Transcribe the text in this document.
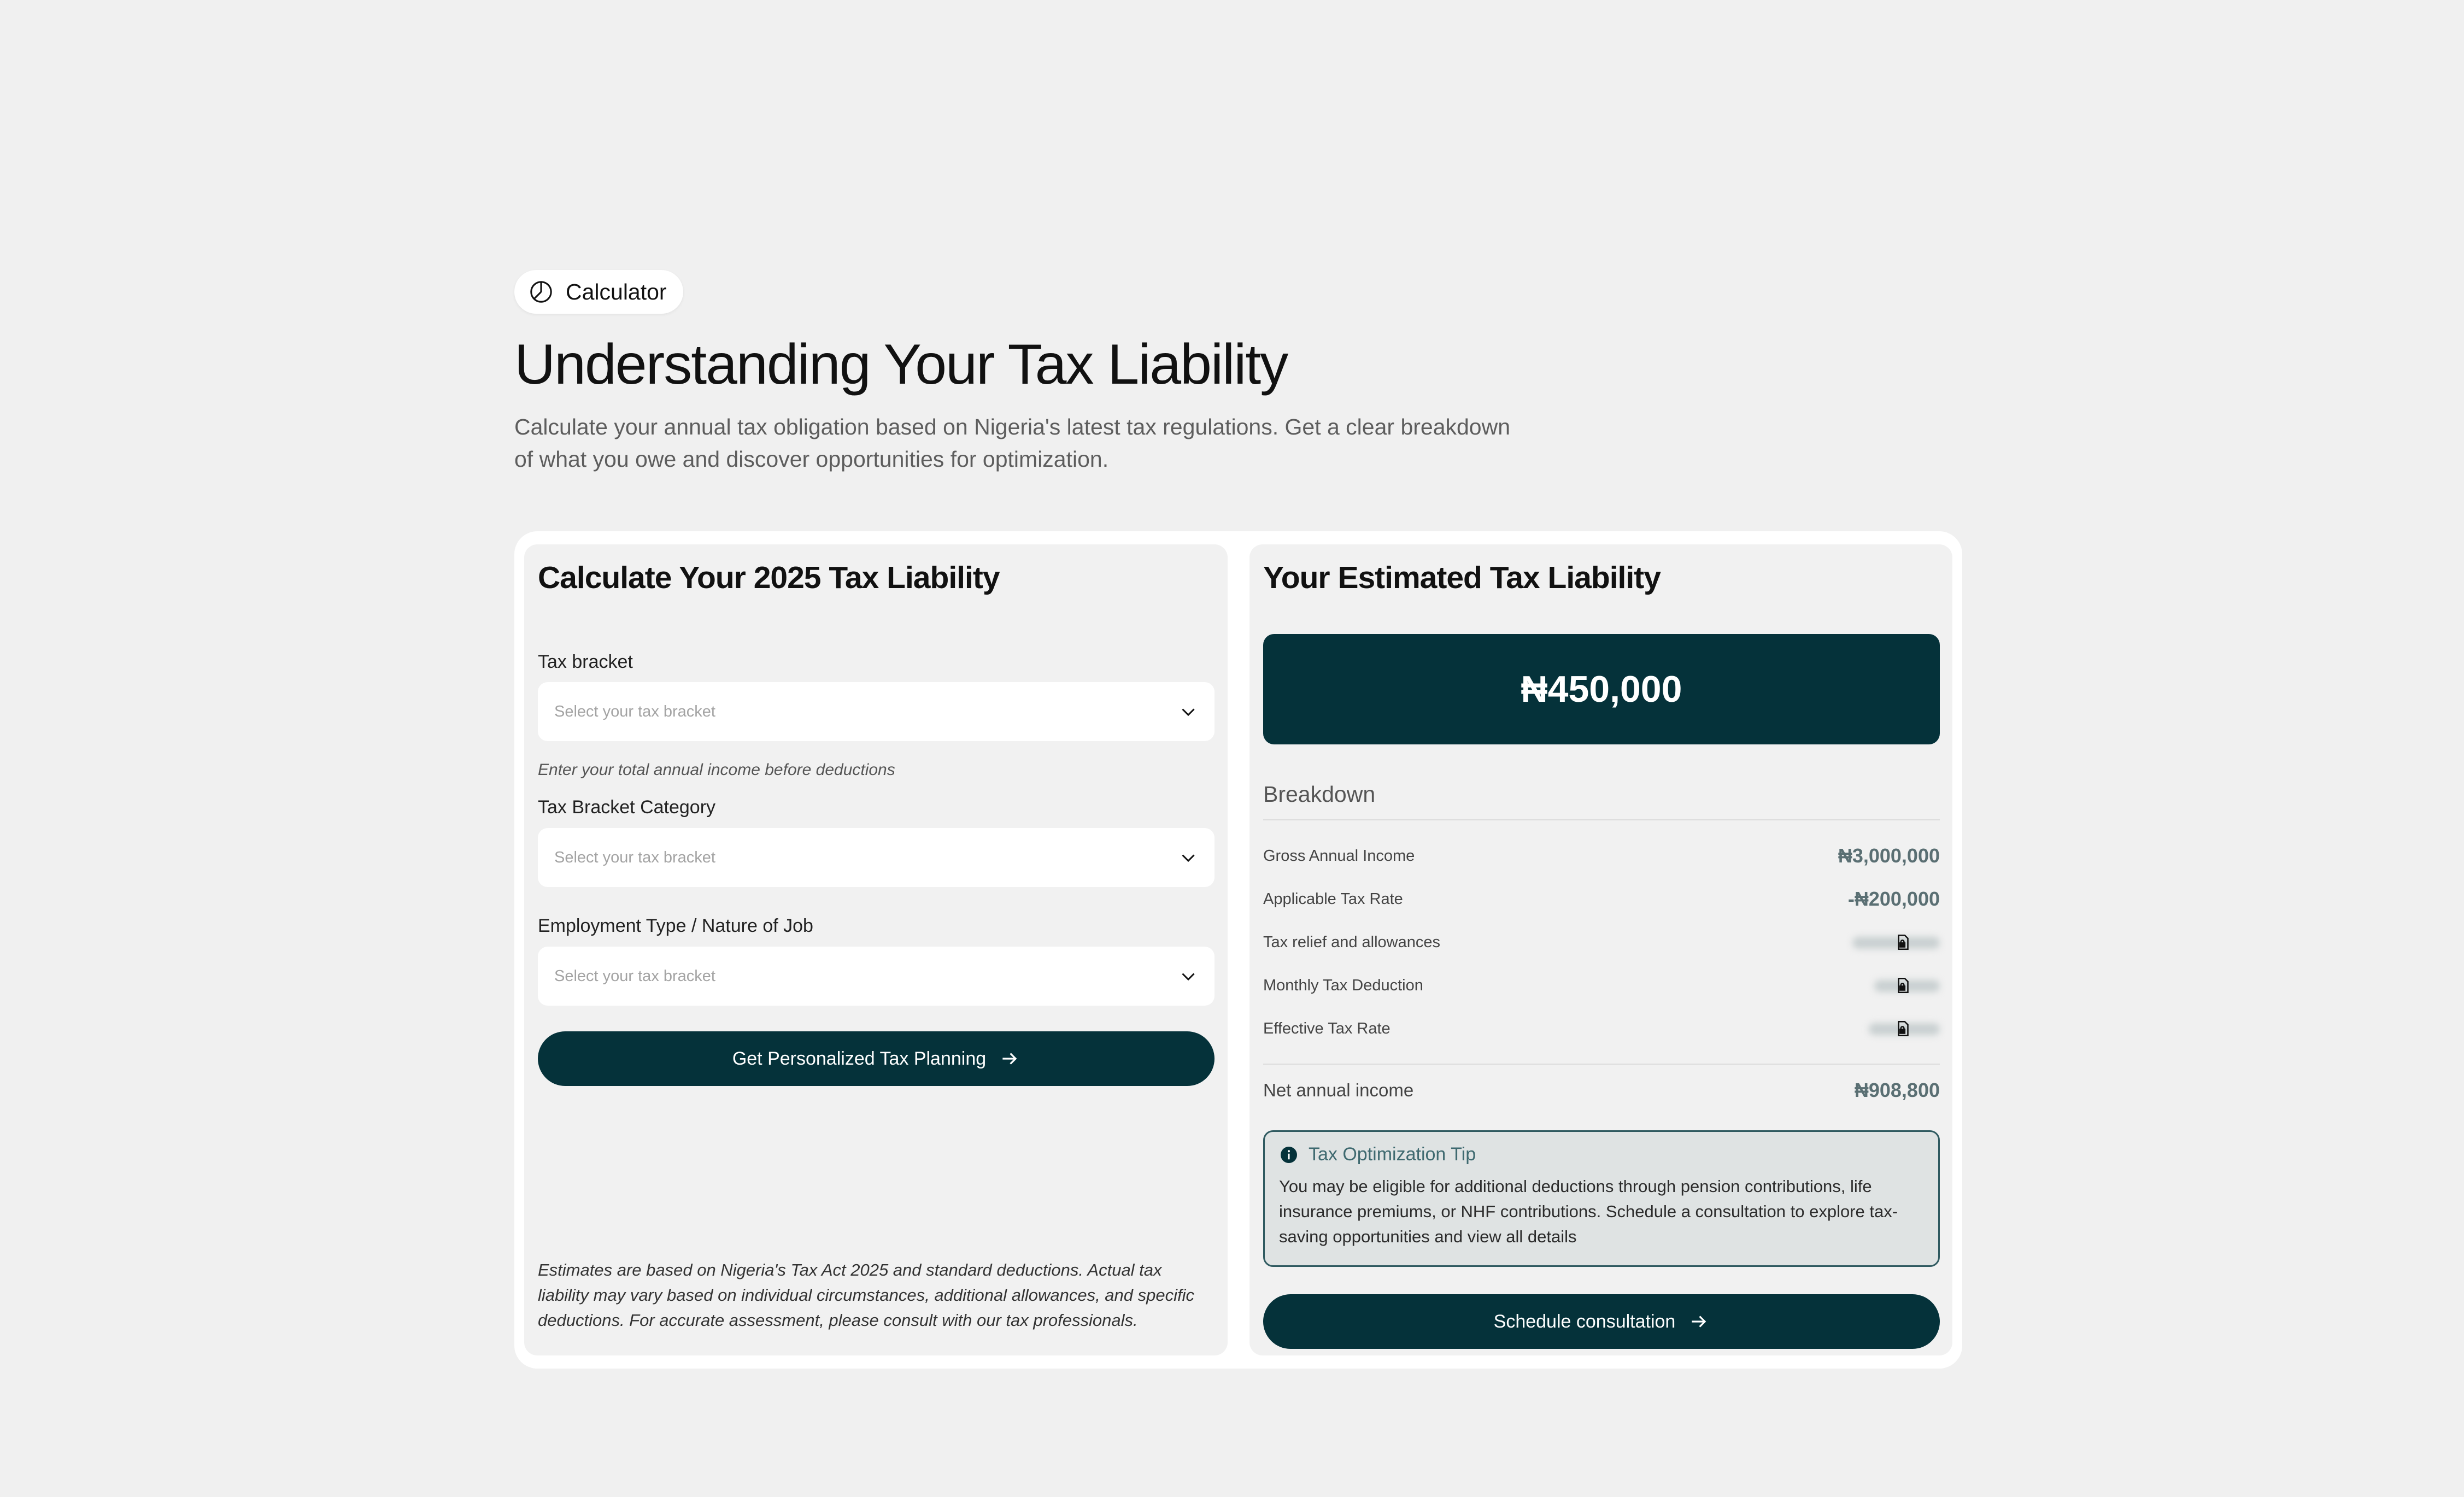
Calculator
Understanding Your Tax Liability

Calculate your annual tax obligation based on Nigeria's latest tax regulations. Get a clear breakdown of what you owe and discover opportunities for optimization.

Calculate Your 2025 Tax Liability
Tax bracket
Select your tax bracket
Enter your total annual income before deductions
Tax Bracket Category
Select your tax bracket
Employment Type / Nature of Job
Select your tax bracket
Get Personalized Tax Planning

Estimates are based on Nigeria's Tax Act 2025 and standard deductions. Actual tax liability may vary based on individual circumstances, additional allowances, and specific deductions. For accurate assessment, please consult with our tax professionals.

Your Estimated Tax Liability
₦450,000
Breakdown
Gross Annual Income	₦3,000,000
Applicable Tax Rate	-₦200,000
Tax relief and allowances
Monthly Tax Deduction
Effective Tax Rate
Net annual income	₦908,800
Tax Optimization Tip

You may be eligible for additional deductions through pension contributions, life insurance premiums, or NHF contributions. Schedule a consultation to explore tax-saving opportunities and view all details

Schedule consultation
